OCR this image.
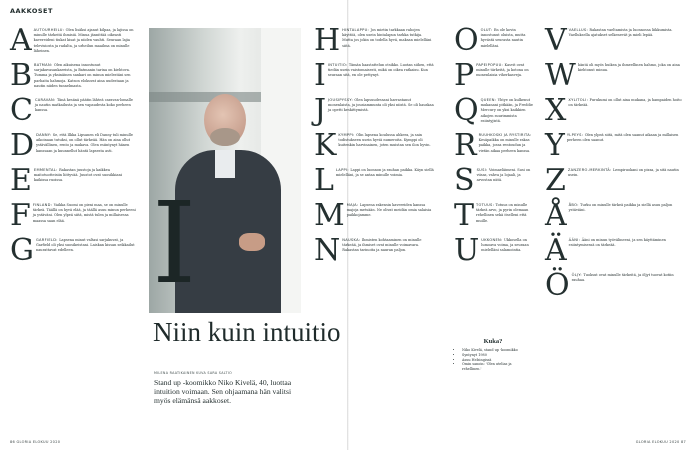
AAKKOSET
A AUTOURHEILU: Olen lisäksi ajanut kilpaa, ja lajissa on minulle tärkeitä ihmisiä. Minua jännittää oikeasti kavereideni tiukat kisat ja niiden vauhti. Seuraan lajia televisiosta ja radalta, ja urheilun maailma on minulle läheinen.

B BATMAN: Olen aikuisena innostunut sarjakuvasankareista, ja Batmanin tarina on kiehtova. Tumma ja yksinäinen sankari on minun mielestäni sen parhaita hahmoja. Katson elokuvat aina uudestaan ja nautin niiden tunnelmasta.

C CARAVAN: Tänä kesänä päätin lähteä caravan-lomalle ja nautin matkailusta ja sen vapaudesta koko perheen kanssa.

D DANNY: Se, että Ilkka Lipsanen eli Danny tuli minulle aikoinaan tutuksi, on ollut tärkeää. Hän on aina ollut ystävällinen, rento ja mukava. Olen esiintynyt hänen kanssaan ja kuunnellut häntä lapsesta asti.

E EMMENTAL: Rakastan juustoja ja kaikkea maitotuotteisiin liittyvää. Juustot ovat suosikkiani kaikissa ruoissa.

F FINLAND: Vaikka Suomi on pieni maa, se on minulle tärkeä. Täällä on hyvä elää, ja täällä asuu minun perheeni ja ystäväni. Olen ylpeä siitä, mistä tulen ja millaisessa maassa saan elää.

G GARFIELD: Lapsena minut valtasi sarjakuvat, ja Garfield oli yksi suosikeistani. Laiskan kissan seikkailut naurattavat edelleen. I
Niin kuin intuitio
MILENA RAATIKAINEN KUVA SARA SALTIO
Stand up -koomikko Niko Kivelä, 40, luottaa intuition voimaan. Sen ohjaamana hän valitsi myös elämänsä aakkoset.
H HINTALAPPU: Jos mietin tarkkaan rahojen käyttöä, olen usein hintalapun tarkka tutkija. Mutta jos jokin on todella hyvä, maksan mielelläni siitä.

I INTUITIO: Tämän haastattelun otsikko. Luotan siihen, että tiedän usein vaistomaisesti, mikä on oikea ratkaisu. Kun seuraan sitä, en ole pettynyt.

J JOUSIPYSSY: Olen lapsuudessani harrastanut monenlaista, ja jousiammunta oli yksi niistä. Se oli hauskaa ja opetti keskittymistä.

K KYMPPI: Olin lapsena koulussa ahkera, ja sain todistukseen usein hyviä numeroita. Kymppi oli kuitenkin harvinainen, joten muistan sen ilon hyvin.

L LAPPI: Lappi on luonnon ja rauhan paikka. Käyn siellä mielelläni, ja se antaa minulle voimia.

M MAJA: Lapsena rakensin kavereiden kanssa majoja metsään. Ne olivat meidän omia salaisia paikkojamme.

N NAUSKA: Ihmisten kohtaaminen on minulle tärkeää, ja ihmiset ovat minulle voimavara. Rakastan tarinoita ja nauran paljon.

O OLUT: En ole kovin innostunut oluista, mutta hyvästä seurasta nautin mielelläni.

P PAPEIPOPUU: Kasvit ovat minulle tärkeitä, ja kotona on monenlaisia viherkasveja.

Q QUEEN: Yhtye on kulkenut mukanani pitkään, ja Freddie Mercury on yksi kaikkien aikojen suurimmista esiintyjistä.

R RUUHKOSKI JA RYSTIRITA: Kesäpaikka on minulle rakas paikka, jossa rentoudun ja vietän aikaa perheen kanssa.

S SUSI: Voimaeläimeni. Susi on viisas, vahva ja lojaali, ja arvostan niitä.

T TOTUUS: Totuus on minulle tärkeä arvo, ja pyrin olemaan rehellinen sekä itselleni että muille.

U UKKONEN: Ukkosella on lumoava voima, ja seuraan mielelläni salamointia.

V VAELLUS: Rakastan vaeltamista ja luonnossa liikkumista. Vaelluksella ajatukset selkenevät ja mieli lepää.

W häntä oli myös huikea ja ihmeellinen hahmo, joka on aina kiehtonut minua.

X XYLITOLI: Purukumi on ollut aina mukana, ja hampaiden hoito on tärkeää.

Y YLPEYS: Olen ylpeä siitä, mitä olen saanut aikaan ja millaisen perheen olen saanut.

Z ZANZERO-MERKINTÄ: Lempiruokani on pizza, ja sitä nautin usein.

Å ÅBO: Turku on minulle tärkeä paikka ja siellä asuu paljon ystäviäni.

Ä ÄÄNI: Ääni on minun työvälineeni, ja sen käyttäminen esiintymisessä on tärkeää.

Ö ÖLJY: Tuoksut ovat minulle tärkeitä, ja öljyt tuovat kotiin rauhaa.

Kuka?
• Niko Kivelä, stand up -koomikko
• Syntynyt 1980
• Asuu Helsingissä
• Omin sanoin: 'Olen utelias ja rehellinen.'
86 GLORIA ELOKUU 2020	GLORIA ELOKUU 2020 87
